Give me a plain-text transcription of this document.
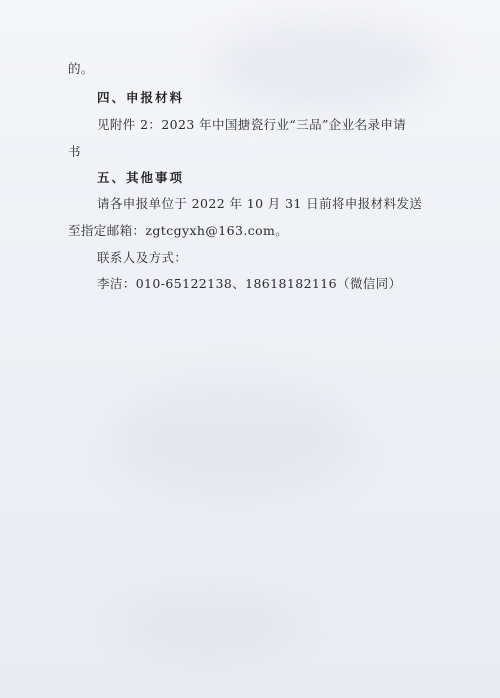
的。
四、申报材料
见附件 2：2023 年中国搪瓷行业“三品”企业名录申请
书
五、其他事项
请各申报单位于 2022 年 10 月 31 日前将申报材料发送
至指定邮箱：zgtcgyxh@163.com。
联系人及方式：
李洁：010-65122138、18618182116（微信同）
